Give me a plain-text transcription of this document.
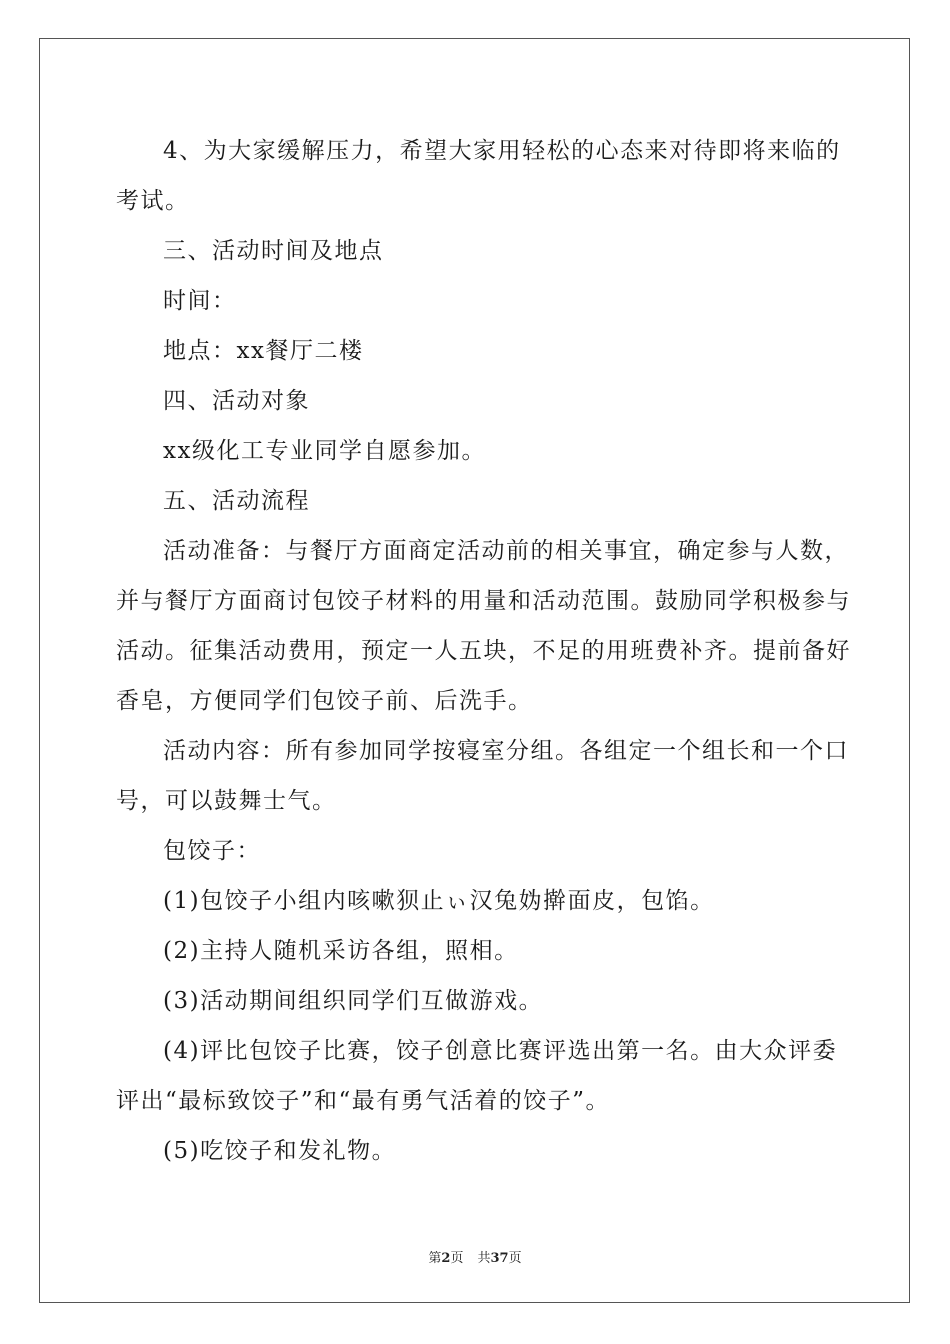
4、为大家缓解压力，希望大家用轻松的心态来对待即将来临的
考试。
三、活动时间及地点
时间：
地点：xx餐厅二楼
四、活动对象
xx级化工专业同学自愿参加。
五、活动流程
活动准备：与餐厅方面商定活动前的相关事宜，确定参与人数，
并与餐厅方面商讨包饺子材料的用量和活动范围。鼓励同学积极参与
活动。征集活动费用，预定一人五块，不足的用班费补齐。提前备好
香皂，方便同学们包饺子前、后洗手。
活动内容：所有参加同学按寝室分组。各组定一个组长和一个口
号，可以鼓舞士气。
包饺子：
(1)包饺子小组内咳嗽狈止ぃ汉兔妫擀面皮，包馅。
(2)主持人随机采访各组，照相。
(3)活动期间组织同学们互做游戏。
(4)评比包饺子比赛，饺子创意比赛评选出第一名。由大众评委
评出“最标致饺子”和“最有勇气活着的饺子”。
(5)吃饺子和发礼物。
第2页 共37页
